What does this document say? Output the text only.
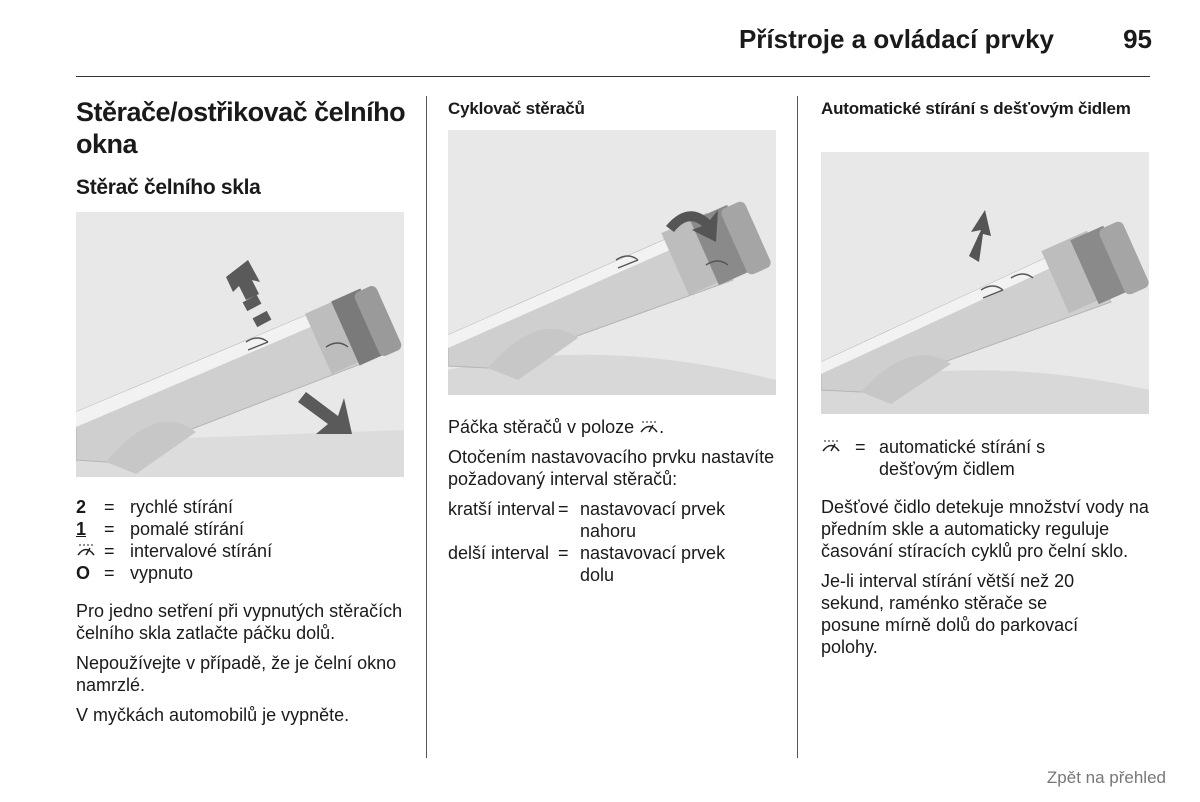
Přístroje a ovládací prvky	95
Stěrače/ostřikovač čelního okna
Stěrač čelního skla
2 = rychlé stírání
1 = pomalé stírání
= intervalové stírání
O = vypnuto

Pro jedno setření při vypnutých stěračích čelního skla zatlačte páčku dolů.

Nepoužívejte v případě, že je čelní okno namrzlé.

V myčkách automobilů je vypněte.

Cyklovač stěračů

Páčka stěračů v poloze .

Otočením nastavovacího prvku nastavíte požadovaný interval stěračů:

kratší interval = nastavovací prvek nahoru
delší interval = nastavovací prvek dolu
Automatické stírání s dešťovým čidlem
= automatické stírání s dešťovým čidlem

Dešťové čidlo detekuje množství vody na předním skle a automaticky reguluje časování stíracích cyklů pro čelní sklo.

Je-li interval stírání větší než 20 sekund, raménko stěrače se posune mírně dolů do parkovací polohy.

Zpět na přehled
